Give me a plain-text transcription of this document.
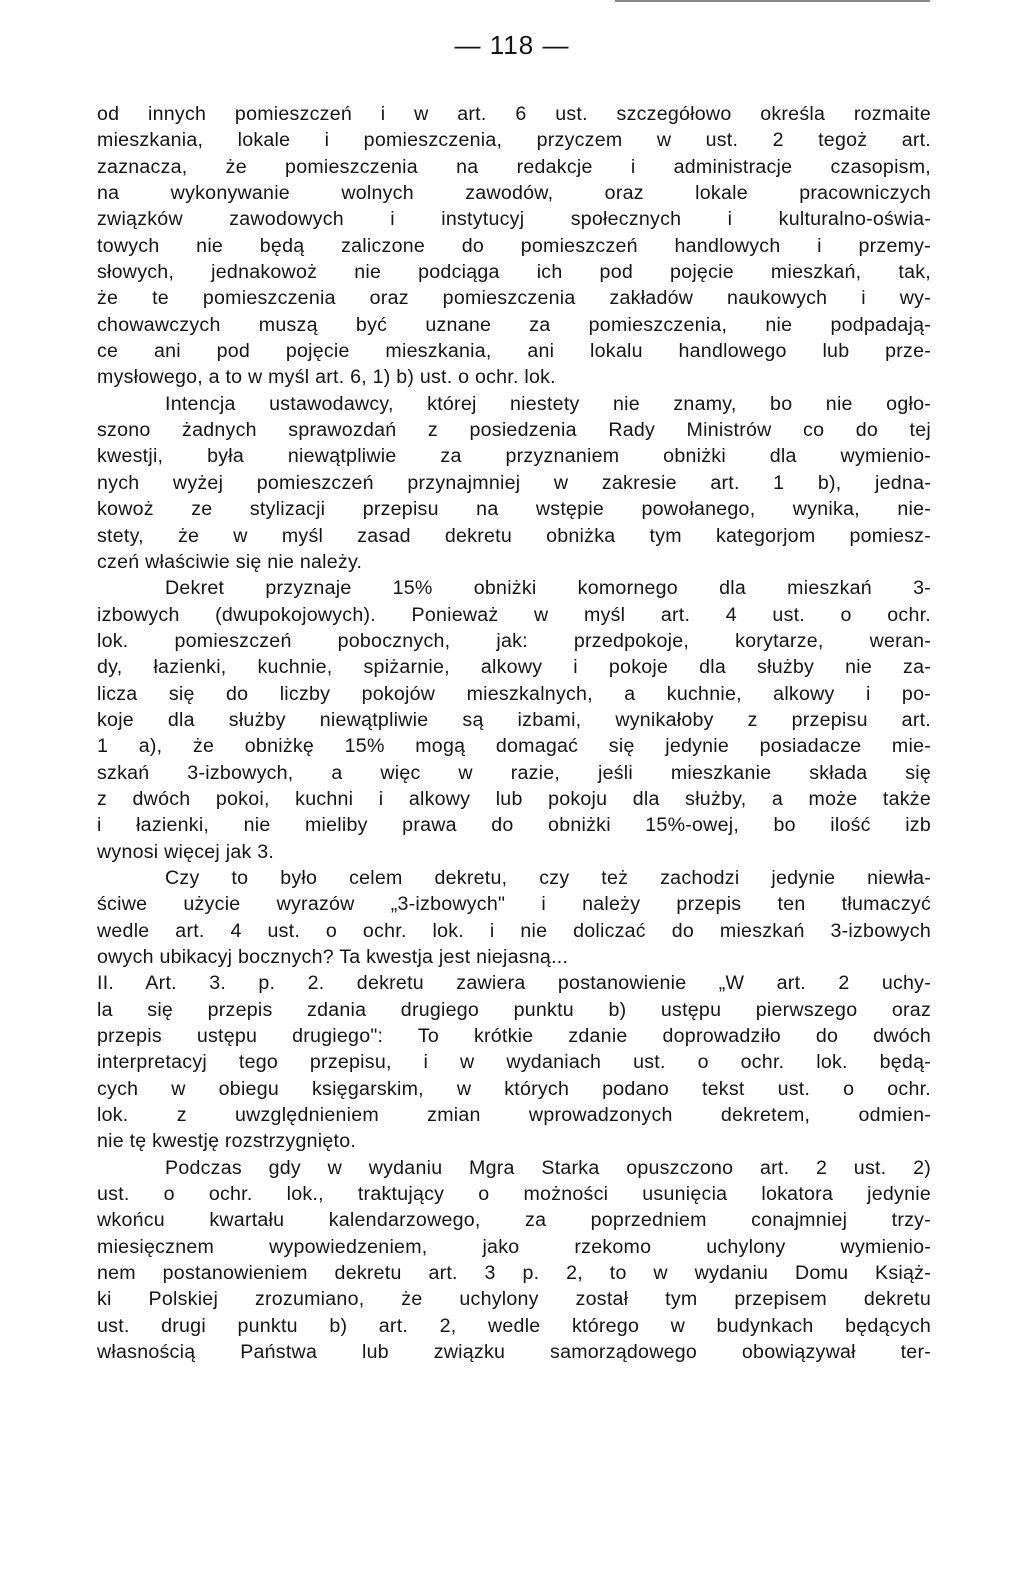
— 118 —
od innych pomieszczeń i w art. 6 ust. szczegółowo określa rozmaite
mieszkania, lokale i pomieszczenia, przyczem w ust. 2 tegoż art.
zaznacza, że pomieszczenia na redakcje i administracje czasopism,
na wykonywanie wolnych zawodów, oraz lokale pracowniczych
związków zawodowych i instytucyj społecznych i kulturalno-oświa-
towych nie będą zaliczone do pomieszczeń handlowych i przemy-
słowych, jednakowoż nie podciąga ich pod pojęcie mieszkań, tak,
że te pomieszczenia oraz pomieszczenia zakładów naukowych i wy-
chowawczych muszą być uznane za pomieszczenia, nie podpadają-
ce ani pod pojęcie mieszkania, ani lokalu handlowego lub prze-
mysłowego, a to w myśl art. 6, 1) b) ust. o ochr. lok.
Intencja ustawodawcy, której niestety nie znamy, bo nie ogło-
szono żadnych sprawozdań z posiedzenia Rady Ministrów co do tej
kwestji, była niewątpliwie za przyznaniem obniżki dla wymienio-
nych wyżej pomieszczeń przynajmniej w zakresie art. 1 b), jedna-
kowoż ze stylizacji przepisu na wstępie powołanego, wynika, nie-
stety, że w myśl zasad dekretu obniżka tym kategorjom pomiesz-
czeń właściwie się nie należy.
Dekret przyznaje 15% obniżki komornego dla mieszkań 3-
izbowych (dwupokojowych). Ponieważ w myśl art. 4 ust. o ochr.
lok. pomieszczeń pobocznych, jak: przedpokoje, korytarze, weran-
dy, łazienki, kuchnie, spiżarnie, alkowy i pokoje dla służby nie za-
licza się do liczby pokojów mieszkalnych, a kuchnie, alkowy i po-
koje dla służby niewątpliwie są izbami, wynikałoby z przepisu art.
1 a), że obniżkę 15% mogą domagać się jedynie posiadacze mie-
szkań 3-izbowych, a więc w razie, jeśli mieszkanie składa się
z dwóch pokoi, kuchni i alkowy lub pokoju dla służby, a może także
i łazienki, nie mieliby prawa do obniżki 15%-owej, bo ilość izb
wynosi więcej jak 3.
Czy to było celem dekretu, czy też zachodzi jedynie niewła-
ściwe użycie wyrazów „3-izbowych" i należy przepis ten tłumaczyć
wedle art. 4 ust. o ochr. lok. i nie doliczać do mieszkań 3-izbowych
owych ubikacyj bocznych? Ta kwestja jest niejasną...
II. Art. 3. p. 2. dekretu zawiera postanowienie „W art. 2 uchy-
la się przepis zdania drugiego punktu b) ustępu pierwszego oraz
przepis ustępu drugiego": To krótkie zdanie doprowadziło do dwóch
interpretacyj tego przepisu, i w wydaniach ust. o ochr. lok. będą-
cych w obiegu księgarskim, w których podano tekst ust. o ochr.
lok. z uwzględnieniem zmian wprowadzonych dekretem, odmien-
nie tę kwestję rozstrzygnięto.
Podczas gdy w wydaniu Mgra Starka opuszczono art. 2 ust. 2)
ust. o ochr. lok., traktujący o możności usunięcia lokatora jedynie
wkońcu kwartału kalendarzowego, za poprzedniem conajmniej trzy-
miesięcznem wypowiedzeniem, jako rzekomo uchylony wymienio-
nem postanowieniem dekretu art. 3 p. 2, to w wydaniu Domu Książ-
ki Polskiej zrozumiano, że uchylony został tym przepisem dekretu
ust. drugi punktu b) art. 2, wedle którego w budynkach będących
własnością Państwa lub związku samorządowego obowiązywał ter-
